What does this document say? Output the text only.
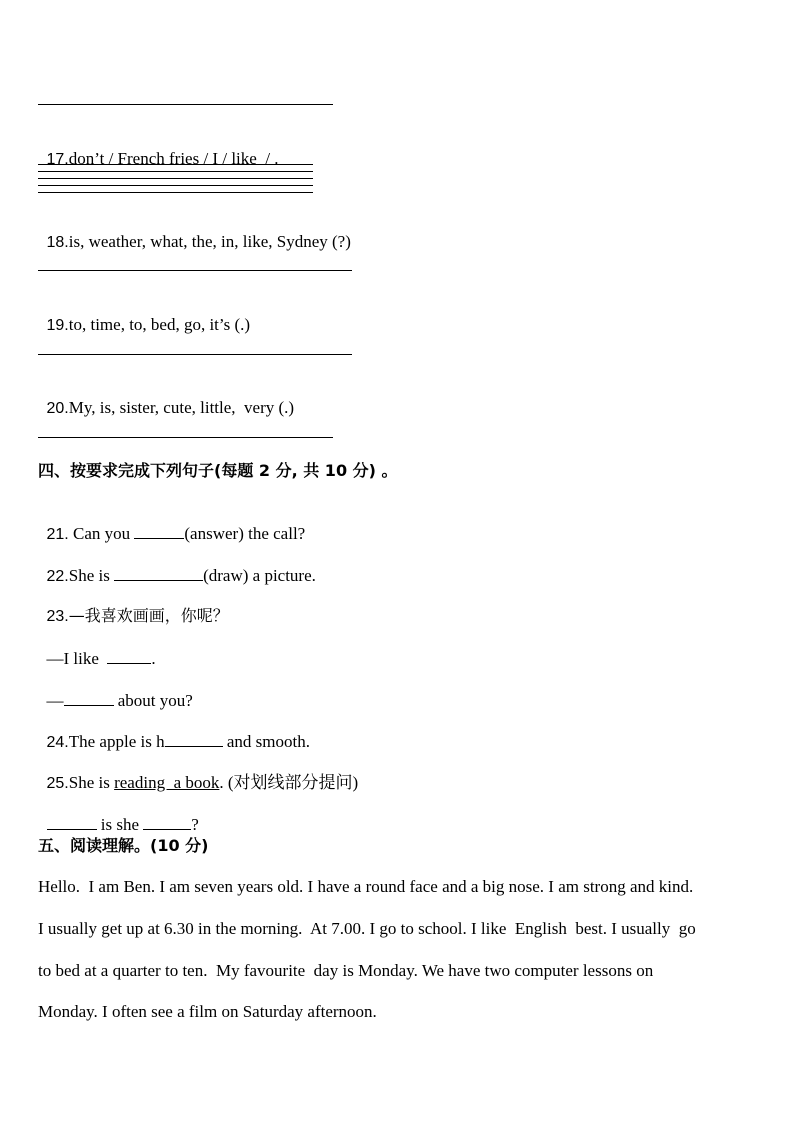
17.don’t / French fries / I / like  / .

18.is, weather, what, the, in, like, Sydney (?)

19.to, time, to, bed, go, it’s (.)

20.My, is, sister, cute, little,  very (.)

四、按要求完成下列句子(每题 2 分, 共 10 分) 。

21. Can you	(answer) the call?

22.She is	(draw) a picture.

23.—我喜欢画画，你呢？

—I like	.

—	about you?

24.The apple is h	and smooth.

25.She is reading  a book. (对划线部分提问)

is she	?

五、阅读理解。(10 分)
Hello.  I am Ben. I am seven years old. I have a round face and a big nose. I am strong and kind.
I usually get up at 6.30 in the morning.  At 7.00. I go to school. I like  English  best. I usually  go
to bed at a quarter to ten.  My favourite  day is Monday. We have two computer lessons on
Monday. I often see a film on Saturday afternoon.
